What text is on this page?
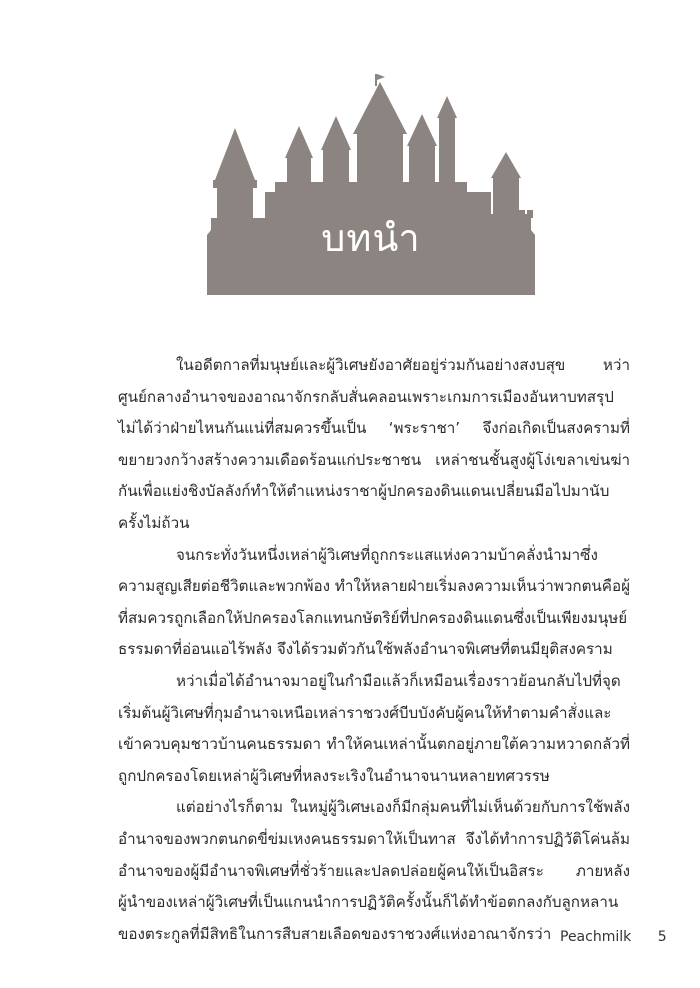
บทนำ

ในอดีตกาลที่มนุษย์และผู้วิเศษยังอาศัยอยู่ร่วมกันอย่างสงบสุข หว่าศูนย์กลางอำนาจของอาณาจักรกลับสั่นคลอนเพราะเกมการเมืองอันหาบทสรุปไม่ได้ว่าฝ่ายไหนกันแน่ที่สมควรขึ้นเป็น ‘พระราชา’ จึงก่อเกิดเป็นสงครามที่ขยายวงกว้างสร้างความเดือดร้อนแก่ประชาชน เหล่าชนชั้นสูงผู้โง่เขลาเข่นฆ่ากันเพื่อแย่งชิงบัลลังก์ทำให้ตำแหน่งราชาผู้ปกครองดินแดนเปลี่ยนมือไปมานับครั้งไม่ถ้วน

จนกระทั่งวันหนึ่งเหล่าผู้วิเศษที่ถูกกระแสแห่งความบ้าคลั่งนำมาซึ่งความสูญเสียต่อชีวิตและพวกพ้อง ทำให้หลายฝ่ายเริ่มลงความเห็นว่าพวกตนคือผู้ที่สมควรถูกเลือกให้ปกครองโลกแทนกษัตริย์ที่ปกครองดินแดนซึ่งเป็นเพียงมนุษย์ธรรมดาที่อ่อนแอไร้พลัง จึงได้รวมตัวกันใช้พลังอำนาจพิเศษที่ตนมียุติสงคราม

หว่าเมื่อได้อำนาจมาอยู่ในกำมือแล้วก็เหมือนเรื่องราวย้อนกลับไปที่จุดเริ่มต้นผู้วิเศษที่กุมอำนาจเหนือเหล่าราชวงศ์บีบบังคับผู้คนให้ทำตามคำสั่งและเข้าควบคุมชาวบ้านคนธรรมดา ทำให้คนเหล่านั้นตกอยู่ภายใต้ความหวาดกลัวที่ถูกปกครองโดยเหล่าผู้วิเศษที่หลงระเริงในอำนาจนานหลายทศวรรษ

แต่อย่างไรก็ตาม ในหมู่ผู้วิเศษเองก็มีกลุ่มคนที่ไม่เห็นด้วยกับการใช้พลังอำนาจของพวกตนกดขี่ข่มเหงคนธรรมดาให้เป็นทาส จึงได้ทำการปฏิวัติโค่นล้มอำนาจของผู้มีอำนาจพิเศษที่ชั่วร้ายและปลดปล่อยผู้คนให้เป็นอิสระ ภายหลังผู้นำของเหล่าผู้วิเศษที่เป็นแกนนำการปฏิวัติครั้งนั้นก็ได้ทำข้อตกลงกับลูกหลานของตระกูลที่มีสิทธิในการสืบสายเลือดของราชวงศ์แห่งอาณาจักรว่า Peachmilk 5
